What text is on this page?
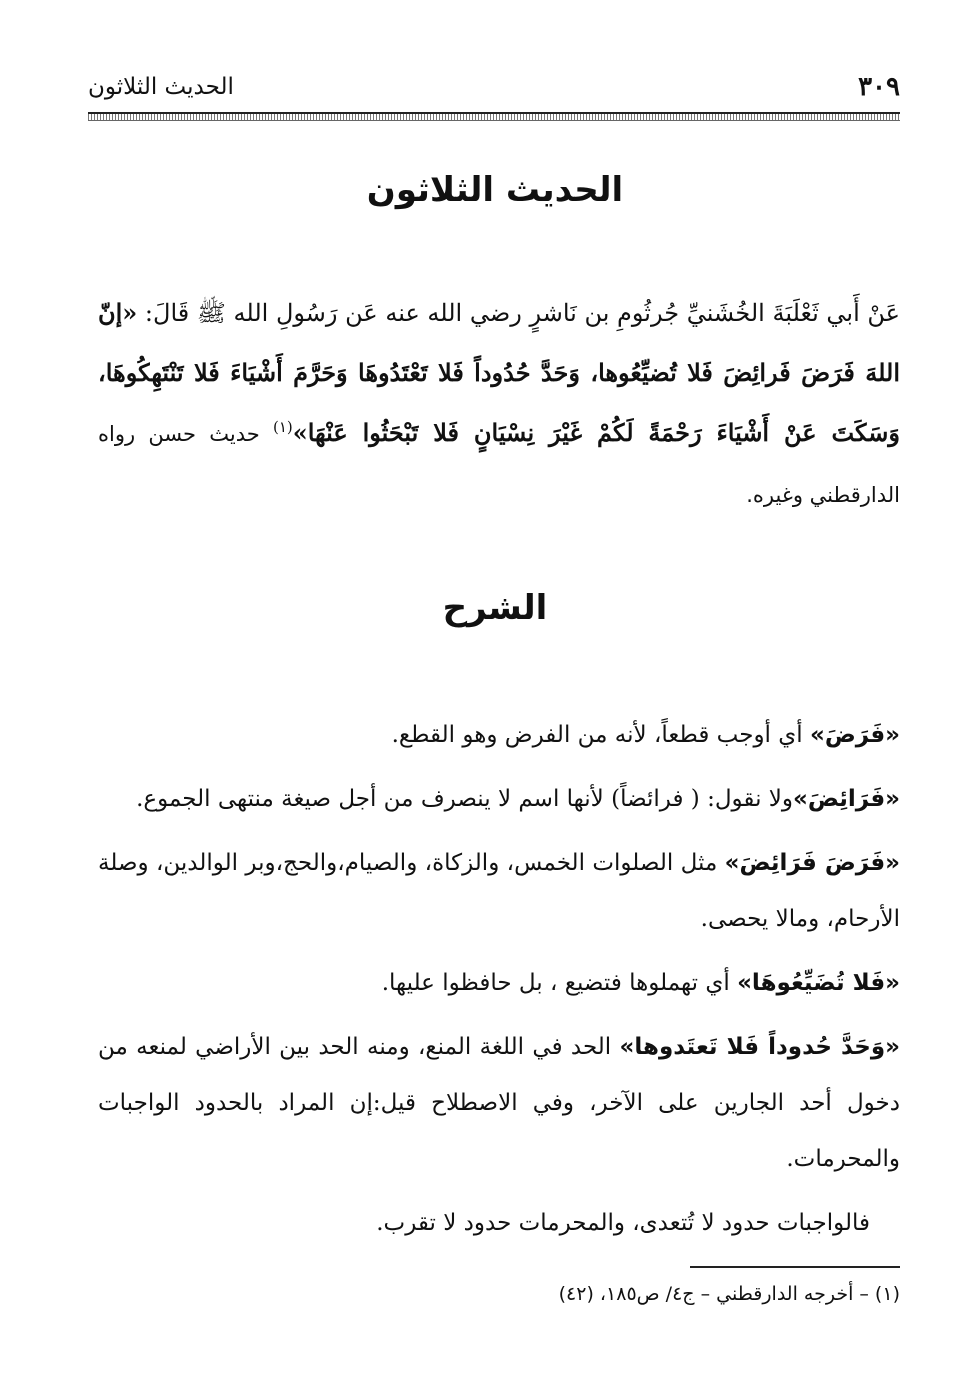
٣٠٩
الحديث الثلاثون
الحديث الثلاثون
عَنْ أَبي ثَعْلَبَةَ الخُشَنيِّ جُرثُومِ بن نَاشرٍ رضي الله عنه عَن رَسُولِ الله ﷺ قَالَ: «إنّ اللهَ فَرَضَ فَرائِضَ فَلا تُضيِّعُوها، وَحَدَّ حُدُوداً فَلا تَعْتَدُوهَا وَحَرَّمَ أَشْيَاءَ فَلا تَنْتَهِكُوهَا، وَسَكَتَ عَنْ أَشْيَاءَ رَحْمَةً لَكُمْ غَيْرَ نِسْيَانٍ فَلا تَبْحَثُوا عَنْهَا»$^{(١)}$ حديث حسن رواه الدارقطني وغيره.
الشرح

«فَرَضَ» أي أوجب قطعاً، لأنه من الفرض وهو القطع.

«فَرَائِضَ»ولا نقول: ( فرائضاً) لأنها اسم لا ينصرف من أجل صيغة منتهى الجموع.

«فَرَضَ فَرَائِضَ» مثل الصلوات الخمس، والزكاة، والصيام،والحج،وبر الوالدين، وصلة الأرحام، ومالا يحصى.

«فَلا تُضَيِّعُوهَا» أي تهملوها فتضيع ، بل حافظوا عليها.

«وَحَدَّ حُدوداً فَلا تَعتَدوها» الحد في اللغة المنع، ومنه الحد بين الأراضي لمنعه من دخول أحد الجارين على الآخر، وفي الاصطلاح قيل:إن المراد بالحدود الواجبات والمحرمات.

فالواجبات حدود لا تُتعدى، والمحرمات حدود لا تقرب.

(١) – أخرجه الدارقطني – ج٤/ ص١٨٥، (٤٢)
